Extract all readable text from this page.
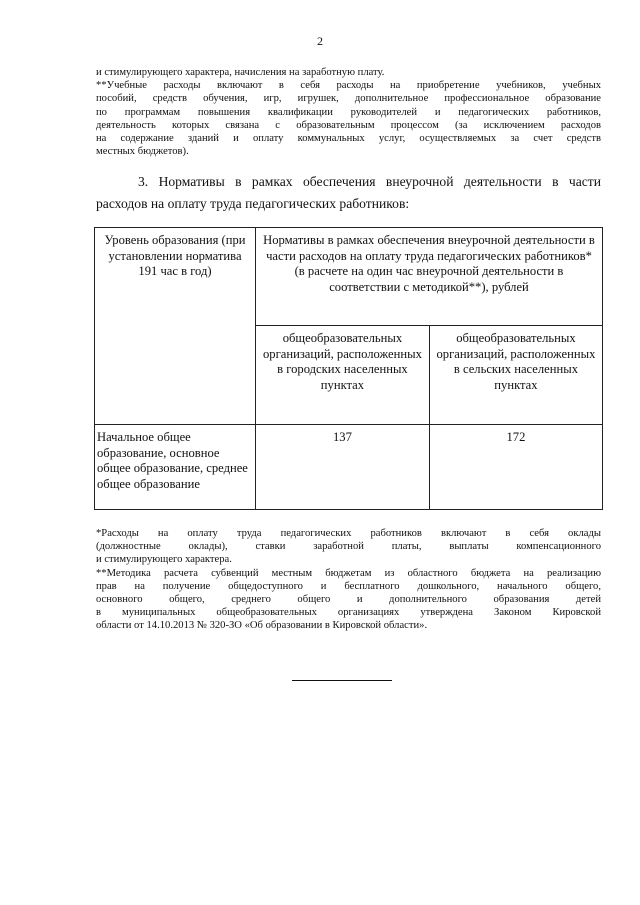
2
и стимулирующего характера, начисления на заработную плату.
**Учебные расходы включают в себя расходы на приобретение учебников, учебных
пособий, средств обучения, игр, игрушек, дополнительное профессиональное образование
по программам повышения квалификации руководителей и педагогических работников,
деятельность которых связана с образовательным процессом (за исключением расходов
на содержание зданий и оплату коммунальных услуг, осуществляемых за счет средств
местных бюджетов).
3. Нормативы в рамках обеспечения внеурочной деятельности в части
расходов на оплату труда педагогических работников:
Уровень образования (при установлении норматива 191 час в год)	Нормативы в рамках обеспечения внеурочной деятельности в части расходов на оплату труда педагогических работников* (в расчете на один час внеурочной деятельности в соответствии с методикой**), рублей	
	общеобразовательных организаций, расположенных в городских населенных пунктах	общеобразовательных организаций, расположенных в сельских населенных пунктах
Начальное общее образование, основное общее образование, среднее общее образование	137	172
*Расходы на оплату труда педагогических работников включают в себя оклады
(должностные оклады), ставки заработной платы, выплаты компенсационного
и стимулирующего характера.
**Методика расчета субвенций местным бюджетам из областного бюджета на реализацию
прав на получение общедоступного и бесплатного дошкольного, начального общего,
основного общего, среднего общего и дополнительного образования детей
в муниципальных общеобразовательных организациях утверждена Законом Кировской
области от 14.10.2013 № 320-ЗО «Об образовании в Кировской области».
